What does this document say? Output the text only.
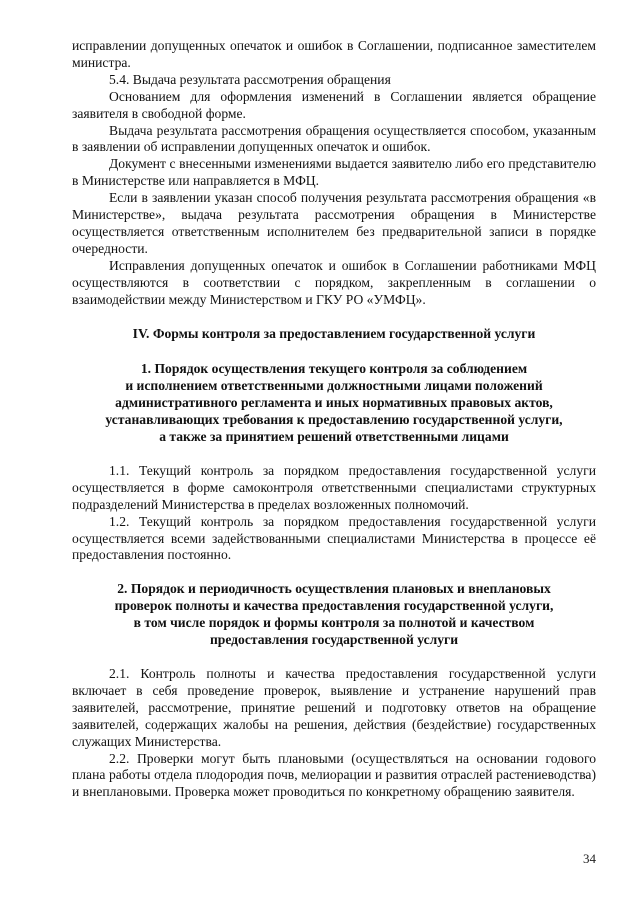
исправлении допущенных опечаток и ошибок в Соглашении, подписанное заместителем министра.

5.4. Выдача результата рассмотрения обращения

Основанием для оформления изменений в Соглашении является обращение заявителя в свободной форме.

Выдача результата рассмотрения обращения осуществляется способом, указанным в заявлении об исправлении допущенных опечаток и ошибок.

Документ с внесенными изменениями выдается заявителю либо его представителю в Министерстве или направляется в МФЦ.

Если в заявлении указан способ получения результата рассмотрения обращения «в Министерстве», выдача результата рассмотрения обращения в Министерстве осуществляется ответственным исполнителем без предварительной записи в порядке очередности.

Исправления допущенных опечаток и ошибок в Соглашении работниками МФЦ осуществляются в соответствии с порядком, закрепленным в соглашении о взаимодействии между Министерством и ГКУ РО «УМФЦ».

IV. Формы контроля за предоставлением государственной услуги

1. Порядок осуществления текущего контроля за соблюдением

и исполнением ответственными должностными лицами положений

административного регламента и иных нормативных правовых актов,

устанавливающих требования к предоставлению государственной услуги,

а также за принятием решений ответственными лицами

1.1. Текущий контроль за порядком предоставления государственной услуги осуществляется в форме самоконтроля ответственными специалистами структурных подразделений Министерства в пределах возложенных полномочий.

1.2. Текущий контроль за порядком предоставления государственной услуги осуществляется всеми задействованными специалистами Министерства в процессе её предоставления постоянно.

2. Порядок и периодичность осуществления плановых и внеплановых

проверок полноты и качества предоставления государственной услуги,

в том числе порядок и формы контроля за полнотой и качеством

предоставления государственной услуги

2.1. Контроль полноты и качества предоставления государственной услуги включает в себя проведение проверок, выявление и устранение нарушений прав заявителей, рассмотрение, принятие решений и подготовку ответов на обращение заявителей, содержащих жалобы на решения, действия (бездействие) государственных служащих Министерства.

2.2. Проверки могут быть плановыми (осуществляться на основании годового плана работы отдела плодородия почв, мелиорации и развития отраслей растениеводства) и внеплановыми. Проверка может проводиться по конкретному обращению заявителя.

34
